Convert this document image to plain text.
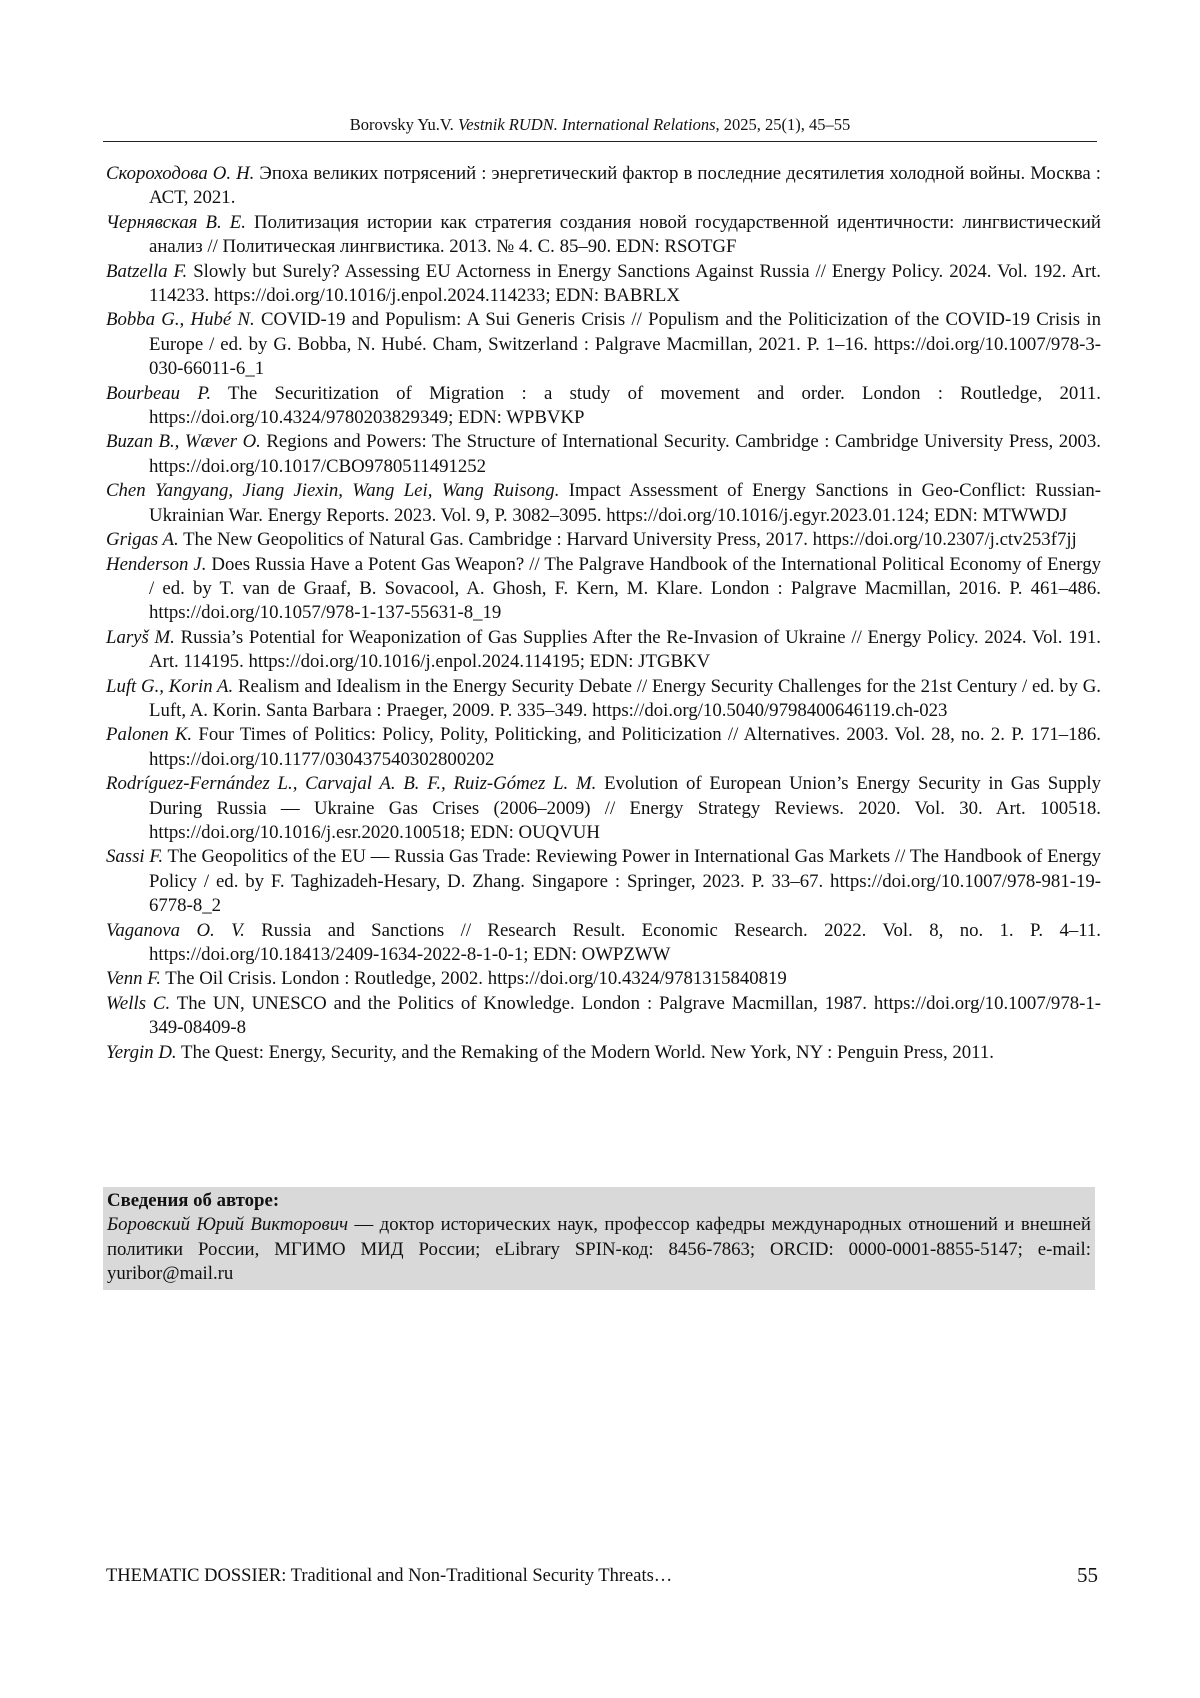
Borovsky Yu.V. Vestnik RUDN. International Relations, 2025, 25(1), 45–55
Скороходова О. Н. Эпоха великих потрясений : энергетический фактор в последние десятилетия холодной войны. Москва : АСТ, 2021.
Чернявская В. Е. Политизация истории как стратегия создания новой государственной идентичности: лингвистический анализ // Политическая лингвистика. 2013. № 4. С. 85–90. EDN: RSOTGF
Batzella F. Slowly but Surely? Assessing EU Actorness in Energy Sanctions Against Russia // Energy Policy. 2024. Vol. 192. Art. 114233. https://doi.org/10.1016/j.enpol.2024.114233; EDN: BABRLX
Bobba G., Hubé N. COVID-19 and Populism: A Sui Generis Crisis // Populism and the Politicization of the COVID-19 Crisis in Europe / ed. by G. Bobba, N. Hubé. Cham, Switzerland : Palgrave Macmillan, 2021. P. 1–16. https://doi.org/10.1007/978-3-030-66011-6_1
Bourbeau P. The Securitization of Migration : a study of movement and order. London : Routledge, 2011. https://doi.org/10.4324/9780203829349; EDN: WPBVKP
Buzan B., Wæver O. Regions and Powers: The Structure of International Security. Cambridge : Cambridge University Press, 2003. https://doi.org/10.1017/CBO9780511491252
Chen Yangyang, Jiang Jiexin, Wang Lei, Wang Ruisong. Impact Assessment of Energy Sanctions in Geo-Conflict: Russian-Ukrainian War. Energy Reports. 2023. Vol. 9, P. 3082–3095. https://doi.org/10.1016/j.egyr.2023.01.124; EDN: MTWWDJ
Grigas A. The New Geopolitics of Natural Gas. Cambridge : Harvard University Press, 2017. https://doi.org/10.2307/j.ctv253f7jj
Henderson J. Does Russia Have a Potent Gas Weapon? // The Palgrave Handbook of the International Political Economy of Energy / ed. by T. van de Graaf, B. Sovacool, A. Ghosh, F. Kern, M. Klare. London : Palgrave Macmillan, 2016. P. 461–486. https://doi.org/10.1057/978-1-137-55631-8_19
Laryš M. Russia’s Potential for Weaponization of Gas Supplies After the Re-Invasion of Ukraine // Energy Policy. 2024. Vol. 191. Art. 114195. https://doi.org/10.1016/j.enpol.2024.114195; EDN: JTGBKV
Luft G., Korin A. Realism and Idealism in the Energy Security Debate // Energy Security Challenges for the 21st Century / ed. by G. Luft, A. Korin. Santa Barbara : Praeger, 2009. P. 335–349. https://doi.org/10.5040/9798400646119.ch-023
Palonen K. Four Times of Politics: Policy, Polity, Politicking, and Politicization // Alternatives. 2003. Vol. 28, no. 2. P. 171–186. https://doi.org/10.1177/030437540302800202
Rodríguez-Fernández L., Carvajal A. B. F., Ruiz-Gómez L. M. Evolution of European Union’s Energy Security in Gas Supply During Russia — Ukraine Gas Crises (2006–2009) // Energy Strategy Reviews. 2020. Vol. 30. Art. 100518. https://doi.org/10.1016/j.esr.2020.100518; EDN: OUQVUH
Sassi F. The Geopolitics of the EU — Russia Gas Trade: Reviewing Power in International Gas Markets // The Handbook of Energy Policy / ed. by F. Taghizadeh-Hesary, D. Zhang. Singapore : Springer, 2023. P. 33–67. https://doi.org/10.1007/978-981-19-6778-8_2
Vaganova O. V. Russia and Sanctions // Research Result. Economic Research. 2022. Vol. 8, no. 1. P. 4–11. https://doi.org/10.18413/2409-1634-2022-8-1-0-1; EDN: OWPZWW
Venn F. The Oil Crisis. London : Routledge, 2002. https://doi.org/10.4324/9781315840819
Wells C. The UN, UNESCO and the Politics of Knowledge. London : Palgrave Macmillan, 1987. https://doi.org/10.1007/978-1-349-08409-8
Yergin D. The Quest: Energy, Security, and the Remaking of the Modern World. New York, NY : Penguin Press, 2011.
Сведения об авторе:
Боровский Юрий Викторович — доктор исторических наук, профессор кафедры международных отношений и внешней политики России, МГИМО МИД России; eLibrary SPIN-код: 8456-7863; ORCID: 0000-0001-8855-5147; e-mail: yuribor@mail.ru
THEMATIC DOSSIER: Traditional and Non-Traditional Security Threats…	55
